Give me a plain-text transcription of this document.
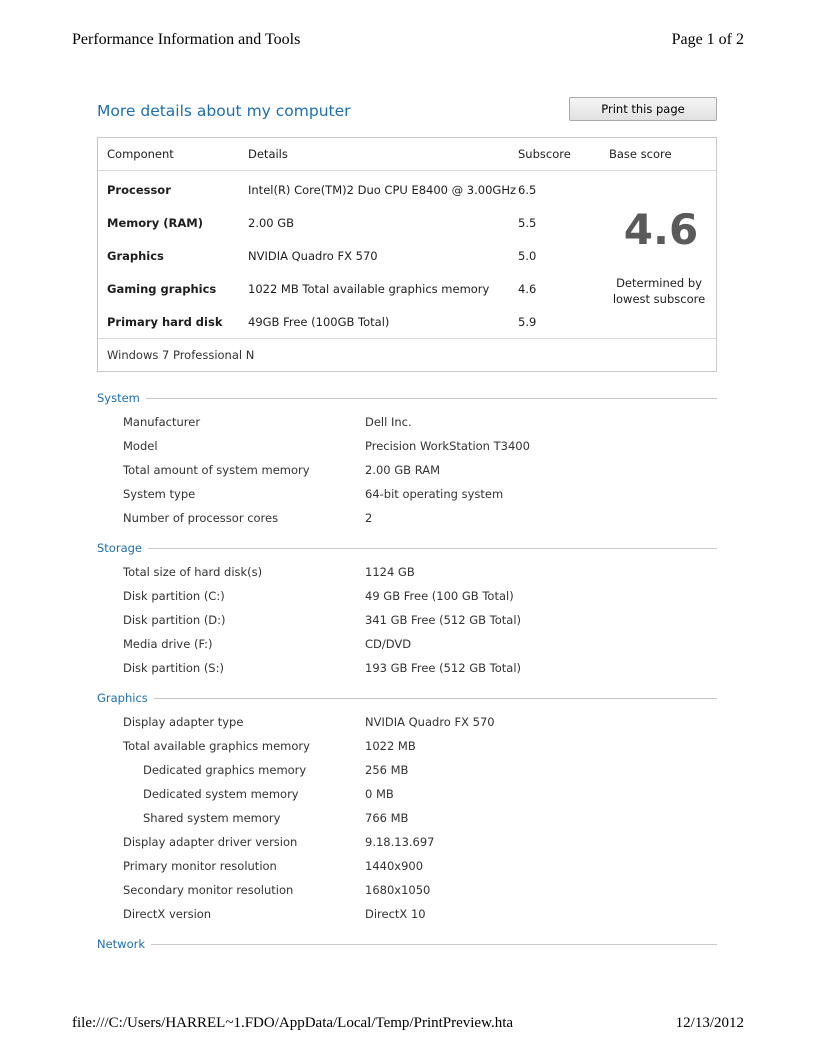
Performance Information and Tools	Page 1 of 2
More details about my computer	Print this page
Component	Details	Subscore	Base score
Processor	Intel(R) Core(TM)2 Duo CPU E8400 @ 3.00GHz	6.5	
Memory (RAM)	2.00 GB	5.5	
Graphics	NVIDIA Quadro FX 570	5.0	
Gaming graphics	1022 MB Total available graphics memory	4.6	
Primary hard disk	49GB Free (100GB Total)	5.9	
4.6
Determined by
lowest subscore
Windows 7 Professional N
System
Manufacturer	Dell Inc.
Model	Precision WorkStation T3400
Total amount of system memory	2.00 GB RAM
System type	64-bit operating system
Number of processor cores	2
Storage
Total size of hard disk(s)	1124 GB
Disk partition (C:)	49 GB Free (100 GB Total)
Disk partition (D:)	341 GB Free (512 GB Total)
Media drive (F:)	CD/DVD
Disk partition (S:)	193 GB Free (512 GB Total)
Graphics
Display adapter type	NVIDIA Quadro FX 570
Total available graphics memory	1022 MB
Dedicated graphics memory	256 MB
Dedicated system memory	0 MB
Shared system memory	766 MB
Display adapter driver version	9.18.13.697
Primary monitor resolution	1440x900
Secondary monitor resolution	1680x1050
DirectX version	DirectX 10
Network
file:///C:/Users/HARREL~1.FDO/AppData/Local/Temp/PrintPreview.hta	12/13/2012
